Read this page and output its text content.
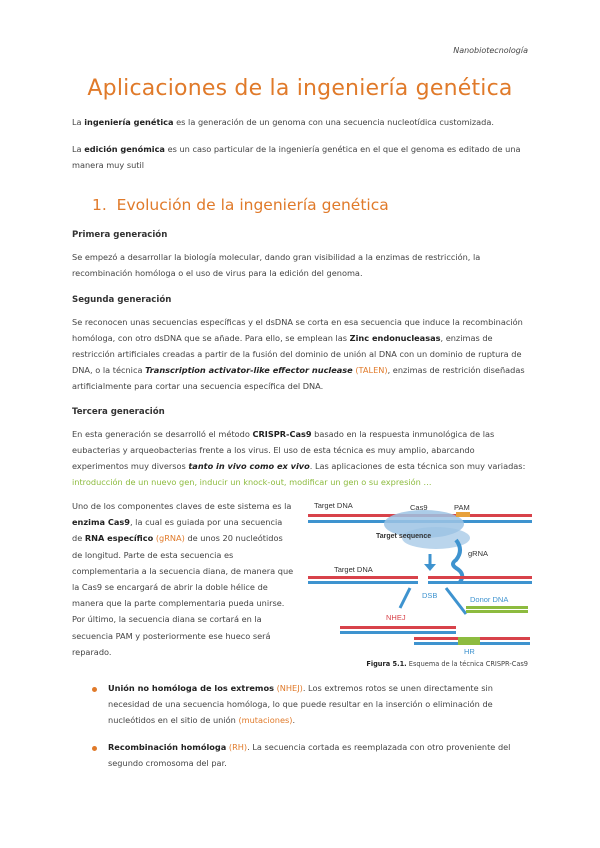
Nanobiotecnología
Aplicaciones de la ingeniería genética
La ingeniería genética es la generación de un genoma con una secuencia nucleotídica customizada.
La edición genómica es un caso particular de la ingeniería genética en el que el genoma es editado de una manera muy sutil
1. Evolución de la ingeniería genética
Primera generación
Se empezó a desarrollar la biología molecular, dando gran visibilidad a la enzimas de restricción, la recombinación homóloga o el uso de virus para la edición del genoma.
Segunda generación
Se reconocen unas secuencias específicas y el dsDNA se corta en esa secuencia que induce la recombinación homóloga, con otro dsDNA que se añade. Para ello, se emplean las Zinc endonucleasas, enzimas de restricción artificiales creadas a partir de la fusión del dominio de unión al DNA con un dominio de ruptura de DNA, o la técnica Transcription activator-like effector nuclease (TALEN), enzimas de restrición diseñadas artificialmente para cortar una secuencia específica del DNA.
Tercera generación
En esta generación se desarrolló el método CRISPR-Cas9 basado en la respuesta inmunológica de las eubacterias y arqueobacterias frente a los virus. El uso de esta técnica es muy amplio, abarcando experimentos muy diversos tanto in vivo como ex vivo. Las aplicaciones de esta técnica son muy variadas: introducción de un nuevo gen, inducir un knock-out, modificar un gen o su expresión …
Uno de los componentes claves de este sistema es la enzima Cas9, la cual es guiada por una secuencia de RNA específico (gRNA) de unos 20 nucleótidos de longitud. Parte de esta secuencia es complementaria a la secuencia diana, de manera que la Cas9 se encargará de abrir la doble hélice de manera que la parte complementaria pueda unirse. Por último, la secuencia diana se cortará en la secuencia PAM y posteriormente ese hueco será reparado.
Target DNA	Cas9	PAM
Target sequence
gRNA
Target DNA
DSB	Donor DNA
NHEJ
HR
Figura 5.1. Esquema de la técnica CRISPR-Cas9
Unión no homóloga de los extremos (NHEJ). Los extremos rotos se unen directamente sin necesidad de una secuencia homóloga, lo que puede resultar en la inserción o eliminación de nucleótidos en el sitio de unión (mutaciones).
Recombinación homóloga (RH). La secuencia cortada es reemplazada con otro proveniente del segundo cromosoma del par.
